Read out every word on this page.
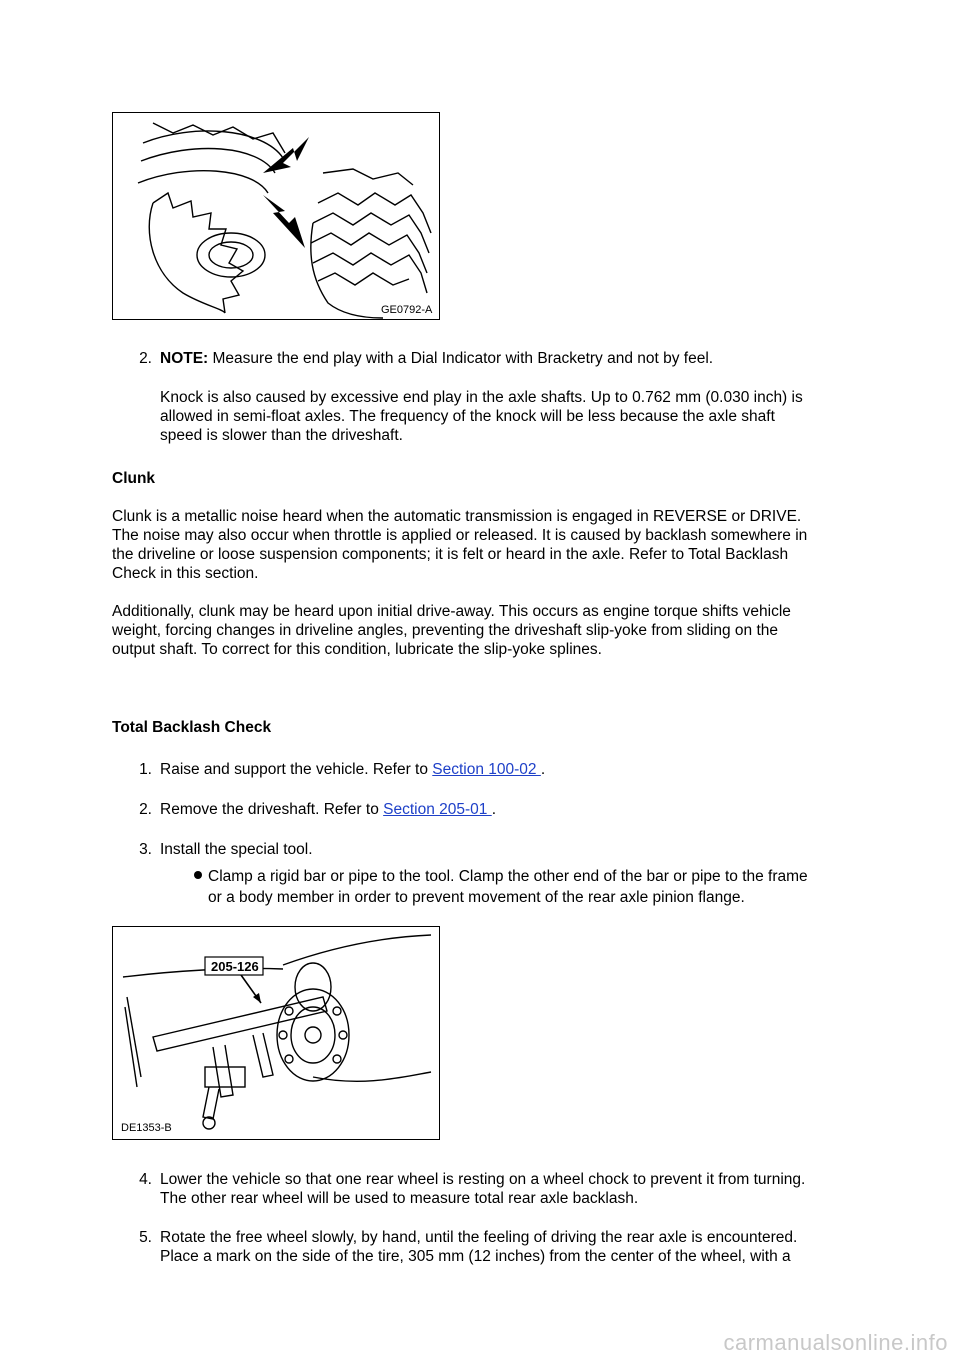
GE0792-A
2. NOTE: Measure the end play with a Dial Indicator with Bracketry and not by feel.
Knock is also caused by excessive end play in the axle shafts. Up to 0.762 mm (0.030 inch) is
allowed in semi-float axles. The frequency of the knock will be less because the axle shaft
speed is slower than the driveshaft.
Clunk
Clunk is a metallic noise heard when the automatic transmission is engaged in REVERSE or DRIVE.
The noise may also occur when throttle is applied or released. It is caused by backlash somewhere in
the driveline or loose suspension components; it is felt or heard in the axle. Refer to Total Backlash
Check in this section.
Additionally, clunk may be heard upon initial drive-away. This occurs as engine torque shifts vehicle
weight, forcing changes in driveline angles, preventing the driveshaft slip-yoke from sliding on the
output shaft. To correct for this condition, lubricate the slip-yoke splines.
Total Backlash Check
1. Raise and support the vehicle. Refer to Section 100-02 .
2. Remove the driveshaft. Refer to Section 205-01 .
3. Install the special tool.
Clamp a rigid bar or pipe to the tool. Clamp the other end of the bar or pipe to the frame
or a body member in order to prevent movement of the rear axle pinion flange.
205-126
DE1353-B
4. Lower the vehicle so that one rear wheel is resting on a wheel chock to prevent it from turning.
The other rear wheel will be used to measure total rear axle backlash.
5. Rotate the free wheel slowly, by hand, until the feeling of driving the rear axle is encountered.
Place a mark on the side of the tire, 305 mm (12 inches) from the center of the wheel, with a
carmanualsonline.info
